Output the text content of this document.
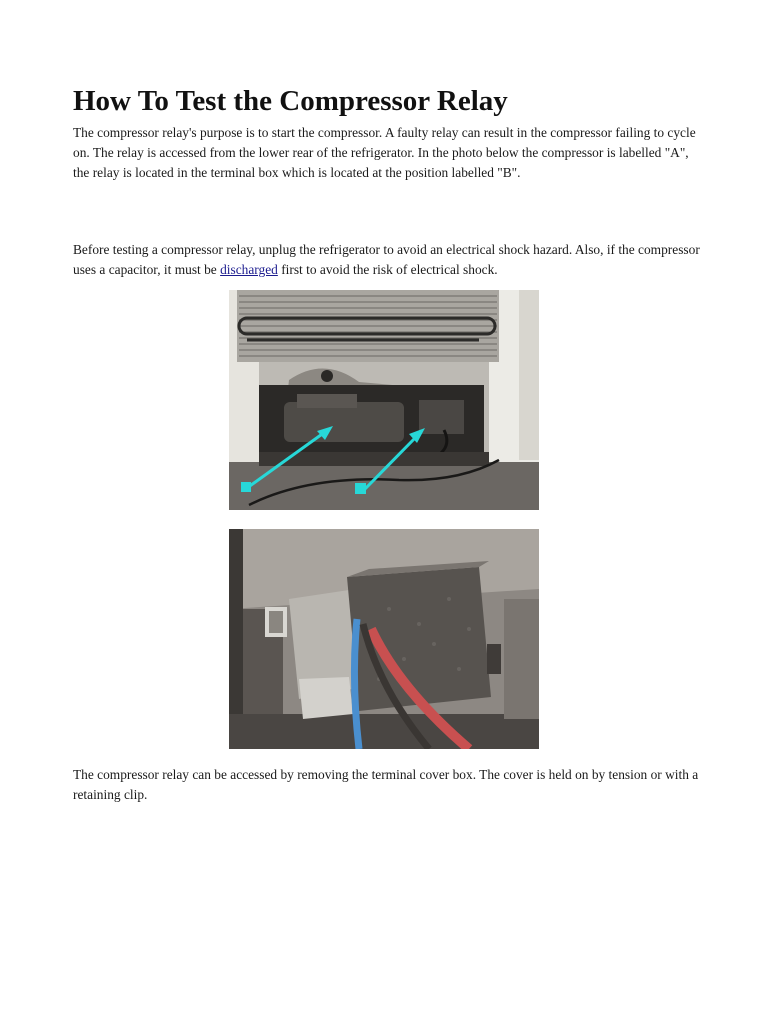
How To Test the Compressor Relay

The compressor relay's purpose is to start the compressor. A faulty relay can result in the compressor failing to cycle on. The relay is accessed from the lower rear of the refrigerator. In the photo below the compressor is labelled "A", the relay is located in the terminal box which is located at the position labelled "B".

Before testing a compressor relay, unplug the refrigerator to avoid an electrical shock hazard. Also, if the compressor uses a capacitor, it must be discharged first to avoid the risk of electrical shock.

The compressor relay can be accessed by removing the terminal cover box. The cover is held on by tension or with a retaining clip.
